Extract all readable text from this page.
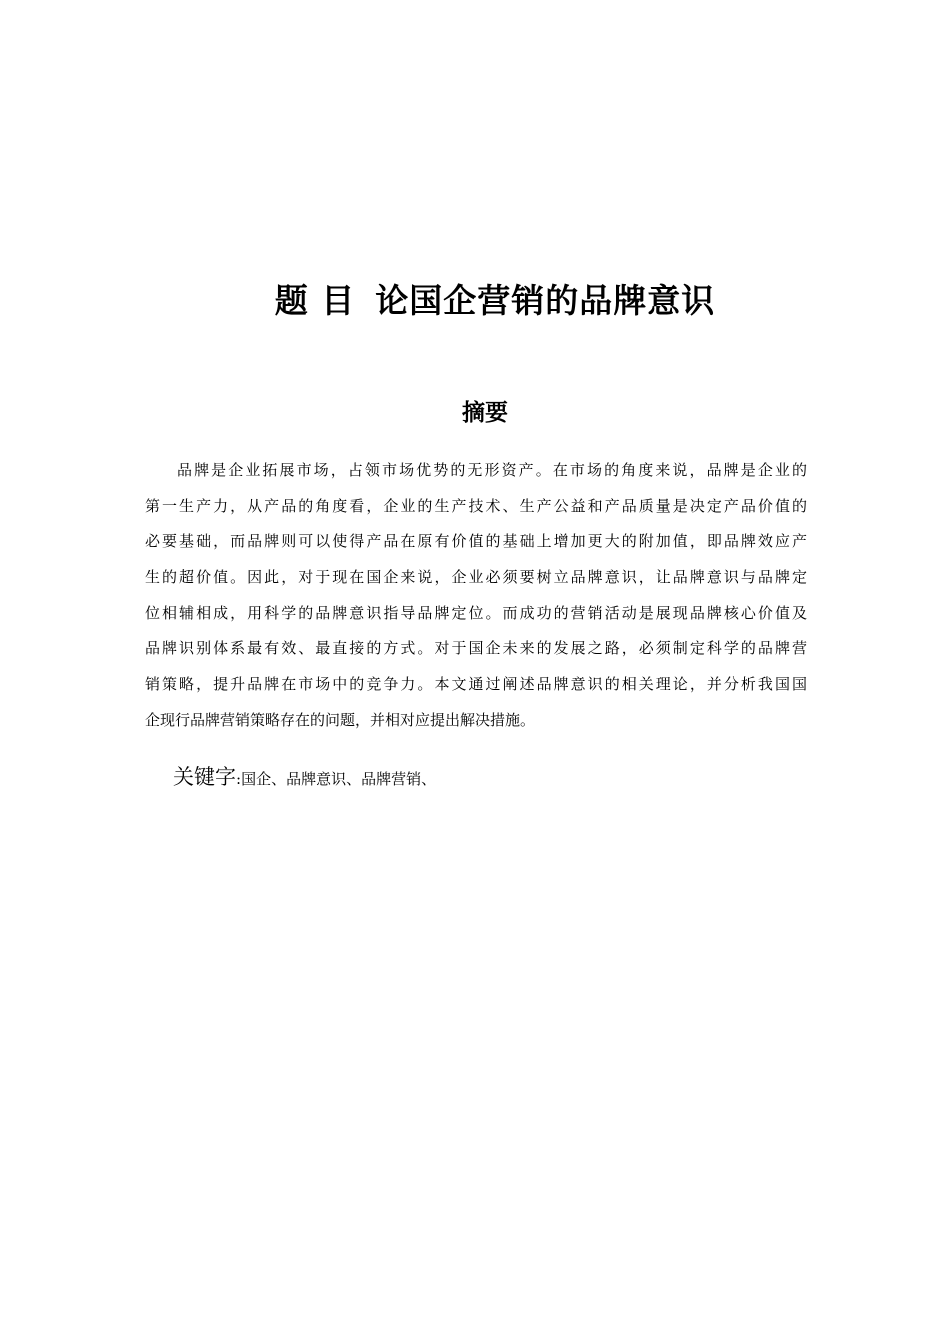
题 目 论国企营销的品牌意识
摘要
品牌是企业拓展市场，占领市场优势的无形资产。在市场的角度来说，品牌是企业的
第一生产力，从产品的角度看，企业的生产技术、生产公益和产品质量是决定产品价值的
必要基础，而品牌则可以使得产品在原有价值的基础上增加更大的附加值，即品牌效应产
生的超价值。因此，对于现在国企来说，企业必须要树立品牌意识，让品牌意识与品牌定
位相辅相成，用科学的品牌意识指导品牌定位。而成功的营销活动是展现品牌核心价值及
品牌识别体系最有效、最直接的方式。对于国企未来的发展之路，必须制定科学的品牌营
销策略，提升品牌在市场中的竞争力。本文通过阐述品牌意识的相关理论，并分析我国国
企现行品牌营销策略存在的问题，并相对应提出解决措施。
关键字:国企、品牌意识、品牌营销、
